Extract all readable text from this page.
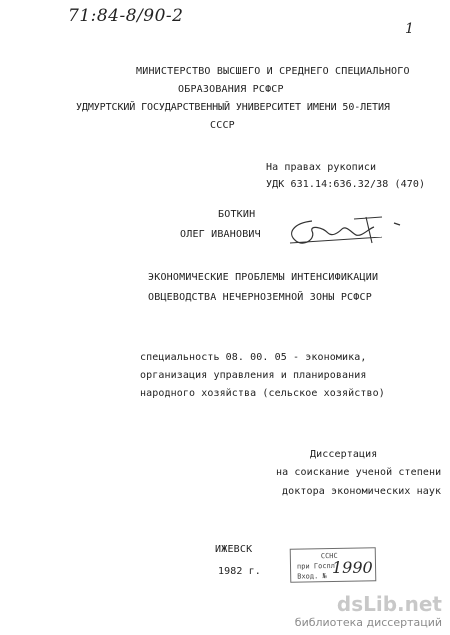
71:84-8/90-2
1
МИНИСТЕРСТВО ВЫСШЕГО И СРЕДНЕГО СПЕЦИАЛЬНОГО
ОБРАЗОВАНИЯ РСФСР
УДМУРТСКИЙ ГОСУДАРСТВЕННЫЙ УНИВЕРСИТЕТ ИМЕНИ 50-ЛЕТИЯ
СССР
На правах рукописи
УДК 631.14:636.32/38 (470)
БОТКИН
ОЛЕГ ИВАНОВИЧ
ЭКОНОМИЧЕСКИЕ ПРОБЛЕМЫ ИНТЕНСИФИКАЦИИ
ОВЦЕВОДСТВА НЕЧЕРНОЗЕМНОЙ ЗОНЫ РСФСР
специальность 08. 00. 05 - экономика,
организация управления и планирования
народного хозяйства (сельское хозяйство)
Диссертация
на соискание ученой степени
доктора экономических наук
ИЖЕВСК
1982 г.
ССНС
при Госпл
Вход. № 1990
dsLib.net
библиотека диссертаций
